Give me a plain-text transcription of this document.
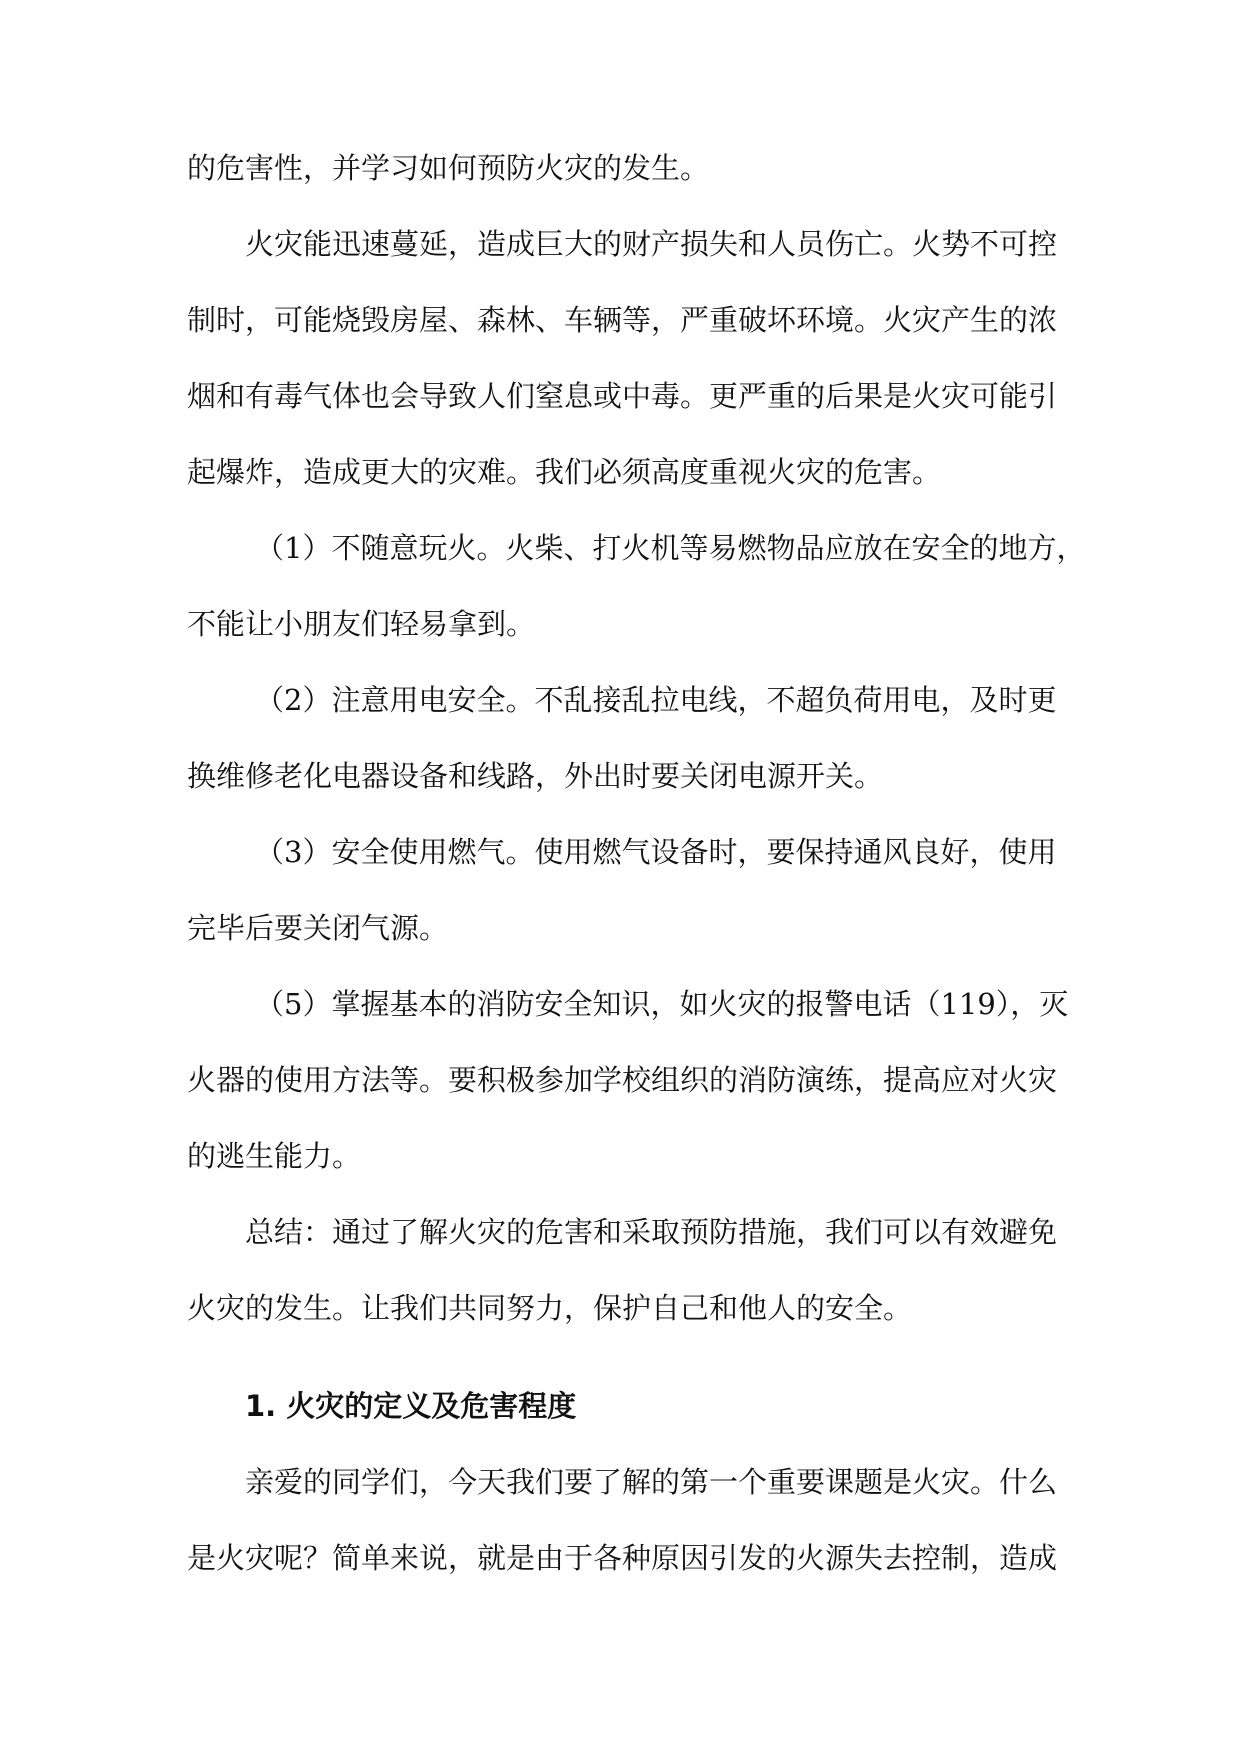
的危害性，并学习如何预防火灾的发生。

火灾能迅速蔓延，造成巨大的财产损失和人员伤亡。火势不可控

制时，可能烧毁房屋、森林、车辆等，严重破坏环境。火灾产生的浓

烟和有毒气体也会导致人们窒息或中毒。更严重的后果是火灾可能引

起爆炸，造成更大的灾难。我们必须高度重视火灾的危害。

（1）不随意玩火。火柴、打火机等易燃物品应放在安全的地方，

不能让小朋友们轻易拿到。

（2）注意用电安全。不乱接乱拉电线，不超负荷用电，及时更

换维修老化电器设备和线路，外出时要关闭电源开关。

（3）安全使用燃气。使用燃气设备时，要保持通风良好，使用

完毕后要关闭气源。

（5）掌握基本的消防安全知识，如火灾的报警电话（119），灭

火器的使用方法等。要积极参加学校组织的消防演练，提高应对火灾

的逃生能力。

总结：通过了解火灾的危害和采取预防措施，我们可以有效避免

火灾的发生。让我们共同努力，保护自己和他人的安全。

1. 火灾的定义及危害程度

亲爱的同学们，今天我们要了解的第一个重要课题是火灾。什么

是火灾呢？简单来说，就是由于各种原因引发的火源失去控制，造成
